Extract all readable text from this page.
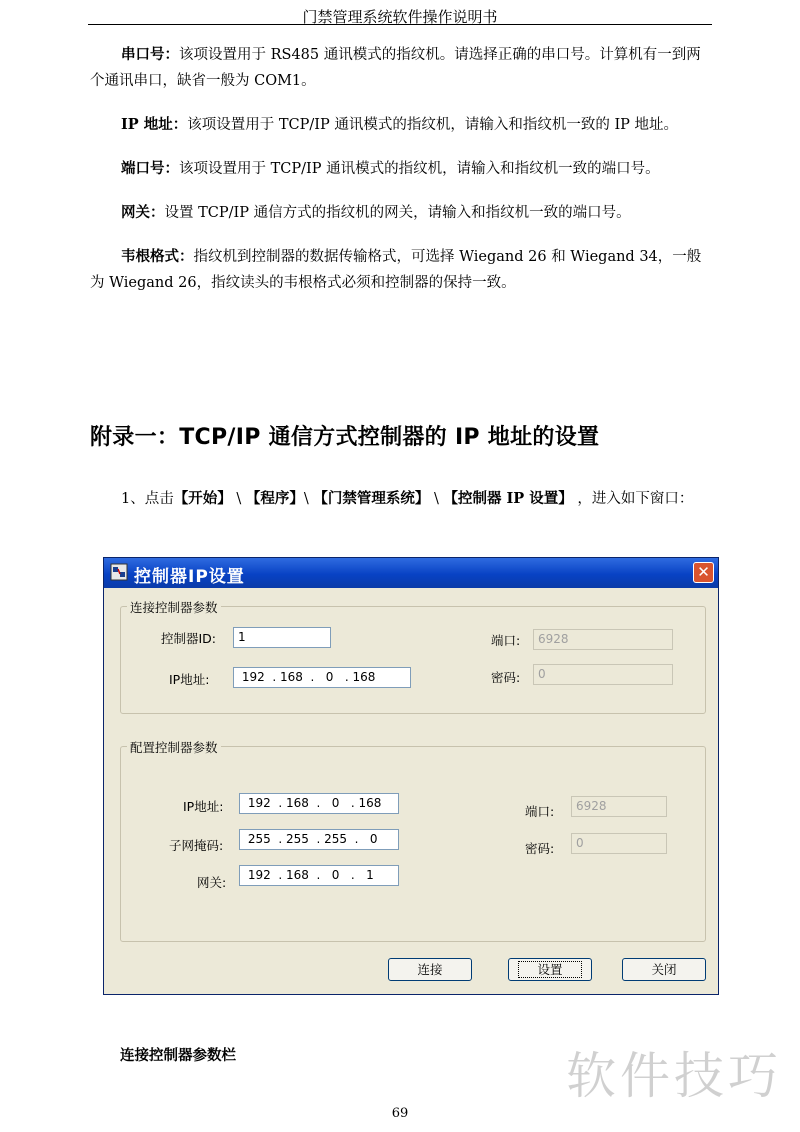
门禁管理系统软件操作说明书
串口号：该项设置用于 RS485 通讯模式的指纹机。请选择正确的串口号。计算机有一到两个通讯串口，缺省一般为 COM1。
IP 地址：该项设置用于 TCP/IP 通讯模式的指纹机，请输入和指纹机一致的 IP 地址。
端口号：该项设置用于 TCP/IP 通讯模式的指纹机，请输入和指纹机一致的端口号。
网关：设置 TCP/IP 通信方式的指纹机的网关，请输入和指纹机一致的端口号。
韦根格式：指纹机到控制器的数据传输格式，可选择 Wiegand 26 和 Wiegand 34，一般为 Wiegand 26，指纹读头的韦根格式必须和控制器的保持一致。
附录一：TCP/IP 通信方式控制器的 IP 地址的设置
1、点击【开始】 \ 【程序】\ 【门禁管理系统】 \ 【控制器 IP 设置】 ，进入如下窗口：
控制器IP设置	✕
连接控制器参数
控制器ID:	1
IP地址:	192  . 168  .   0   . 168
端口:	6928
密码:	0
配置控制器参数
IP地址:	192  . 168  .   0   . 168
子网掩码:	255  . 255  . 255  .   0
网关:	192  . 168  .   0   .   1
端口:	6928
密码:	0
连接	设置	关闭
连接控制器参数栏	软件技巧
69
